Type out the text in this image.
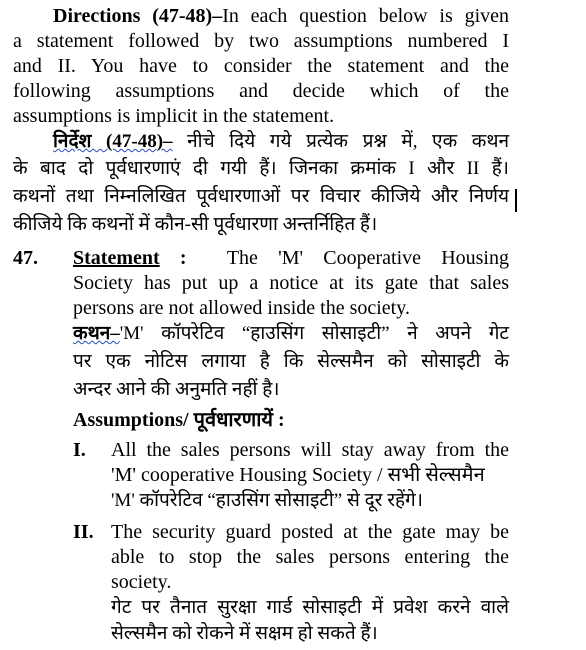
Directions (47-48)–In each question below is given
a statement followed by two assumptions numbered I
and II. You have to consider the statement and the
following assumptions and decide which of the
assumptions is implicit in the statement.
निर्देश (47-48)– नीचे दिये गये प्रत्येक प्रश्न में, एक कथन
के बाद दो पूर्वधारणाएं दी गयी हैं। जिनका क्रमांक I और II हैं।
कथनों तथा निम्नलिखित पूर्वधारणाओं पर विचार कीजिये और निर्णय
कीजिये कि कथनों में कौन-सी पूर्वधारणा अन्तर्निहित हैं।
47. Statement : The 'M' Cooperative Housing
Society has put up a notice at its gate that sales
persons are not allowed inside the society.
कथन–'M' कॉपरेटिव “हाउसिंग सोसाइटी” ने अपने गेट
पर एक नोटिस लगाया है कि सेल्समैन को सोसाइटी के
अन्दर आने की अनुमति नहीं है।
Assumptions/ पूर्वधारणायें :
I. All the sales persons will stay away from the
'M' cooperative Housing Society / सभी सेल्समैन
'M' कॉपरेटिव “हाउसिंग सोसाइटी” से दूर रहेंगे।
II. The security guard posted at the gate may be
able to stop the sales persons entering the
society.
गेट पर तैनात सुरक्षा गार्ड सोसाइटी में प्रवेश करने वाले
सेल्समैन को रोकने में सक्षम हो सकते हैं।
